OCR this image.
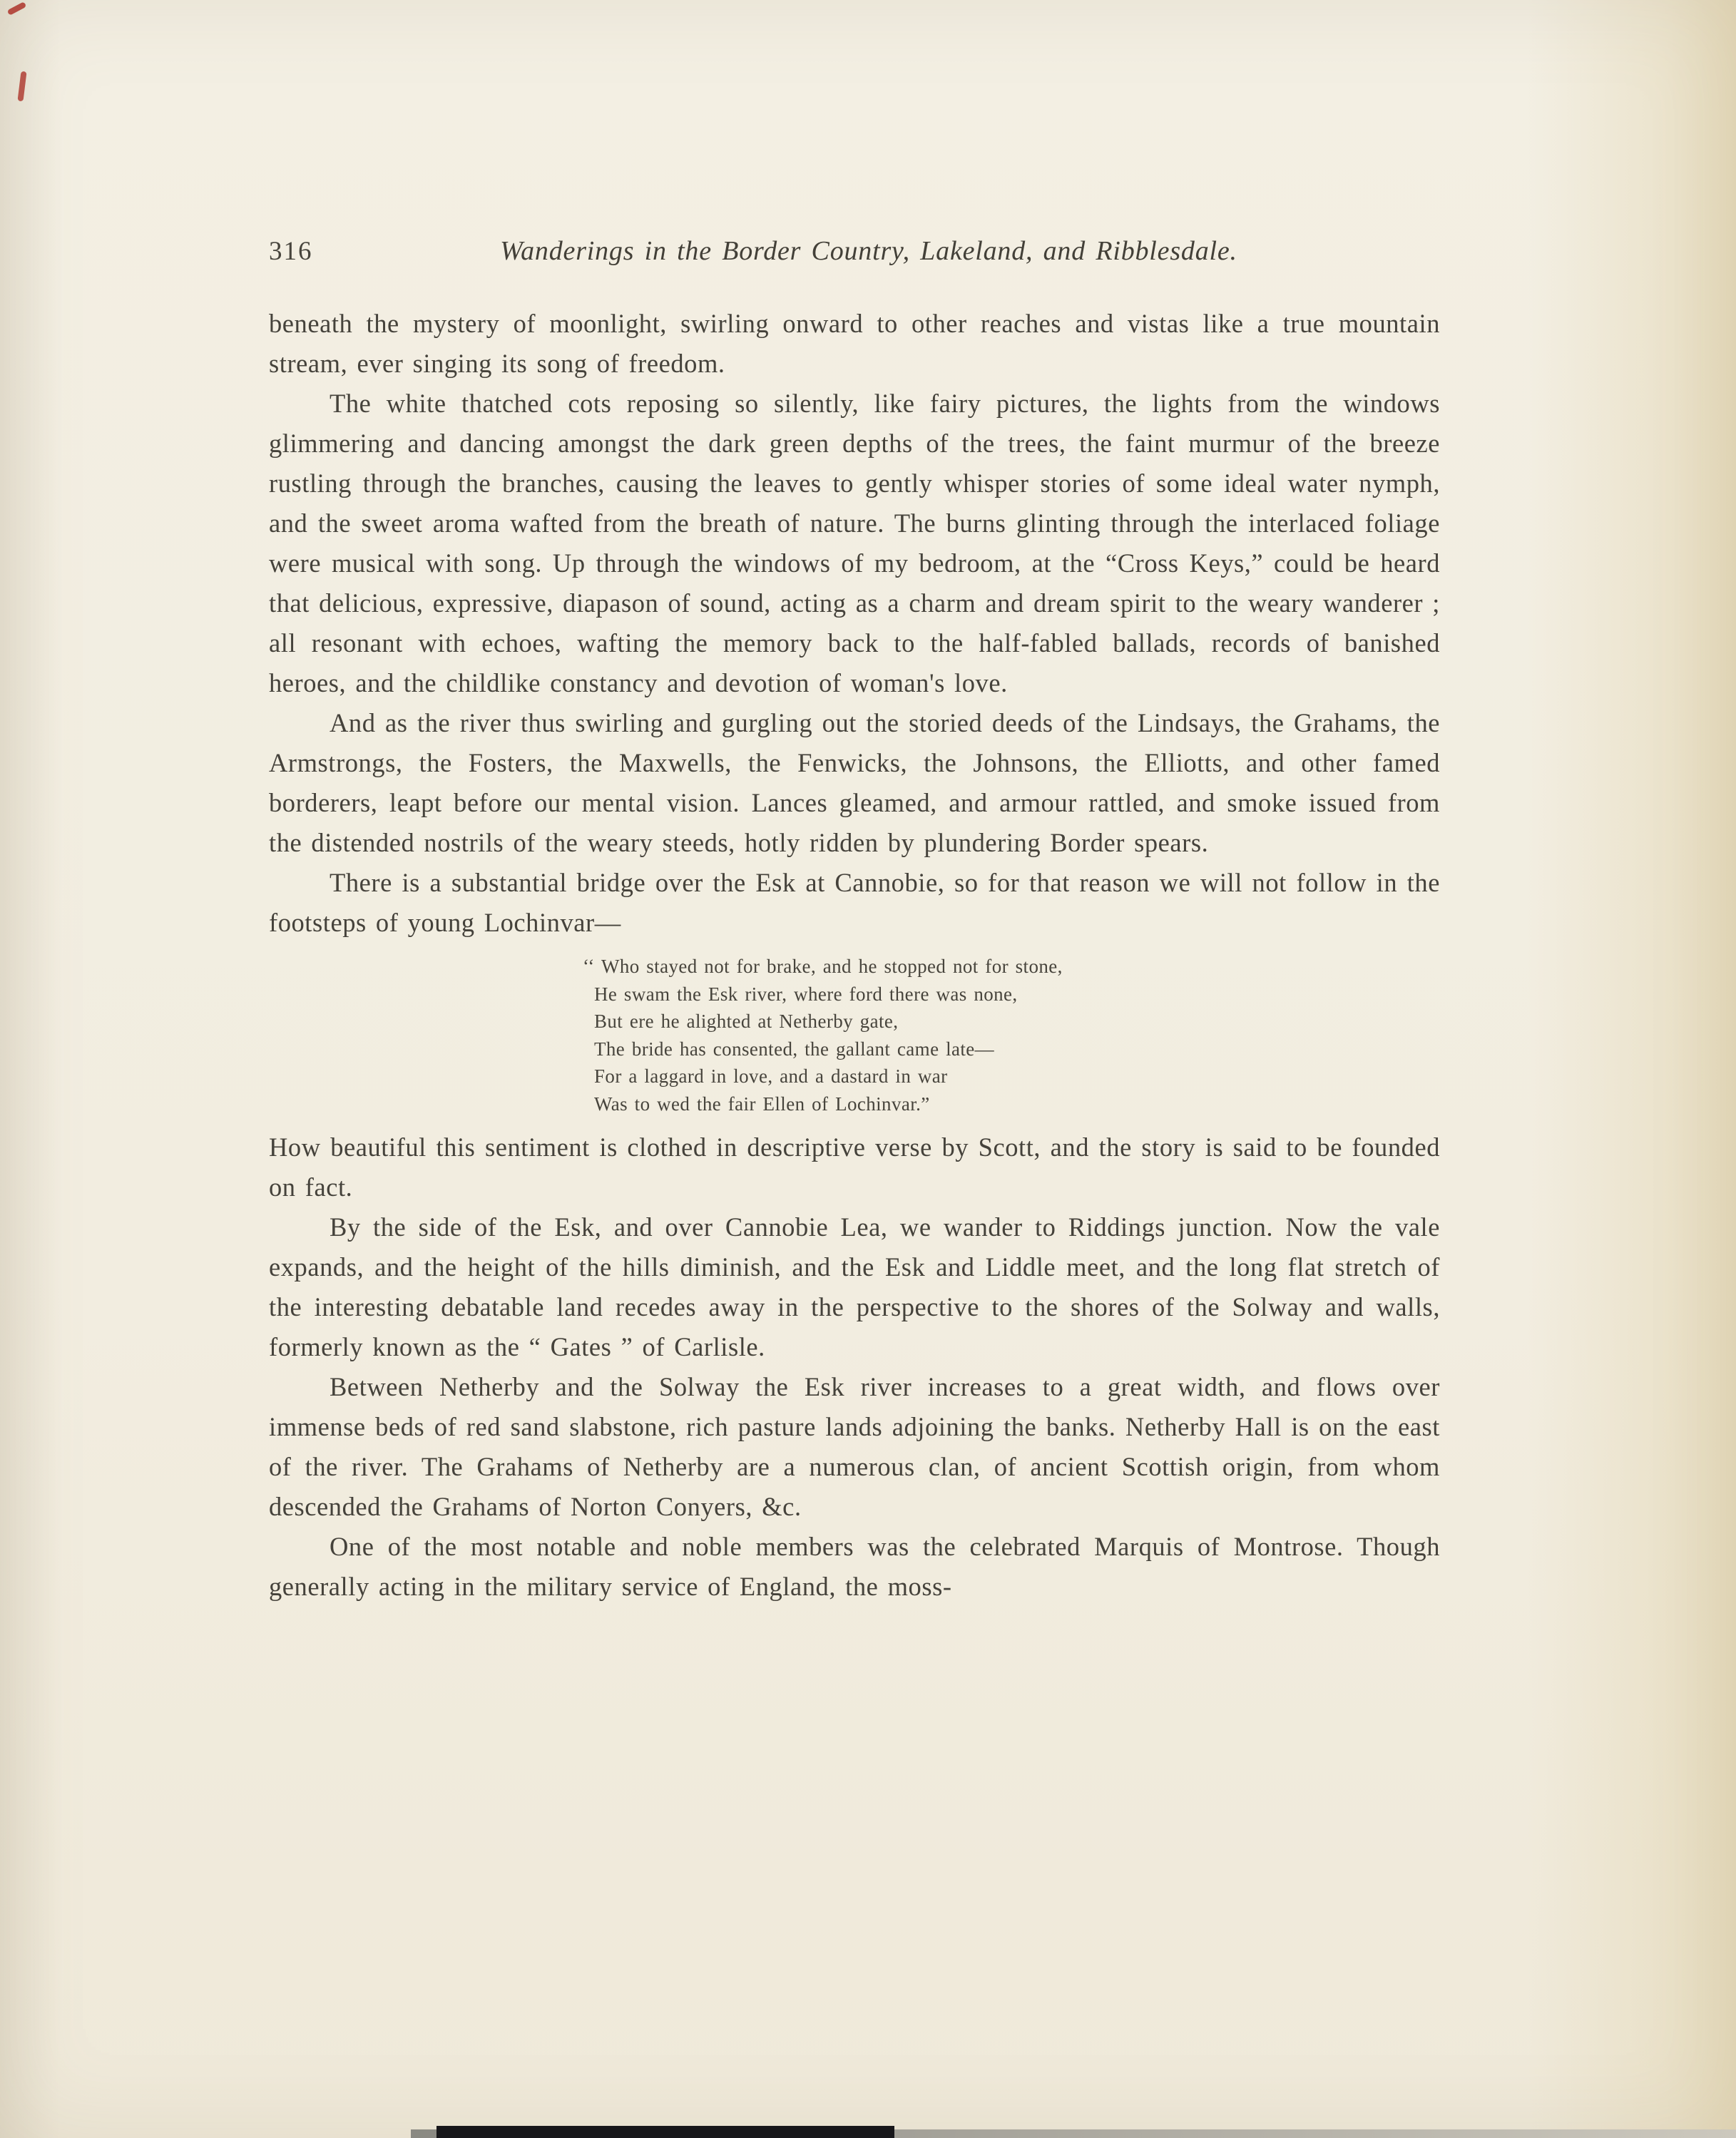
316	Wanderings in the Border Country, Lakeland, and Ribblesdale.

beneath the mystery of moonlight, swirling onward to other reaches and vistas like a true mountain stream, ever singing its song of freedom.

The white thatched cots reposing so silently, like fairy pictures, the lights from the windows glimmering and dancing amongst the dark green depths of the trees, the faint murmur of the breeze rustling through the branches, causing the leaves to gently whisper stories of some ideal water nymph, and the sweet aroma wafted from the breath of nature. The burns glinting through the interlaced foliage were musical with song. Up through the windows of my bedroom, at the “Cross Keys,” could be heard that delicious, expressive, diapason of sound, acting as a charm and dream spirit to the weary wanderer ; all resonant with echoes, wafting the memory back to the half-fabled ballads, records of banished heroes, and the childlike constancy and devotion of woman's love.

And as the river thus swirling and gurgling out the storied deeds of the Lindsays, the Grahams, the Armstrongs, the Fosters, the Maxwells, the Fenwicks, the Johnsons, the Elliotts, and other famed borderers, leapt before our mental vision. Lances gleamed, and armour rattled, and smoke issued from the distended nostrils of the weary steeds, hotly ridden by plundering Border spears.

There is a substantial bridge over the Esk at Cannobie, so for that reason we will not follow in the footsteps of young Lochinvar—

‘‘ Who stayed not for brake, and he stopped not for stone,
He swam the Esk river, where ford there was none,
But ere he alighted at Netherby gate,
The bride has consented, the gallant came late—
For a laggard in love, and a dastard in war
Was to wed the fair Ellen of Lochinvar.”

How beautiful this sentiment is clothed in descriptive verse by Scott, and the story is said to be founded on fact.

By the side of the Esk, and over Cannobie Lea, we wander to Riddings junction. Now the vale expands, and the height of the hills diminish, and the Esk and Liddle meet, and the long flat stretch of the interesting debatable land recedes away in the perspective to the shores of the Solway and walls, formerly known as the “ Gates ” of Carlisle.

Between Netherby and the Solway the Esk river increases to a great width, and flows over immense beds of red sand slabstone, rich pasture lands adjoining the banks. Netherby Hall is on the east of the river. The Grahams of Netherby are a numerous clan, of ancient Scottish origin, from whom descended the Grahams of Norton Conyers, &c.

One of the most notable and noble members was the celebrated Marquis of Montrose. Though generally acting in the military service of England, the moss-
